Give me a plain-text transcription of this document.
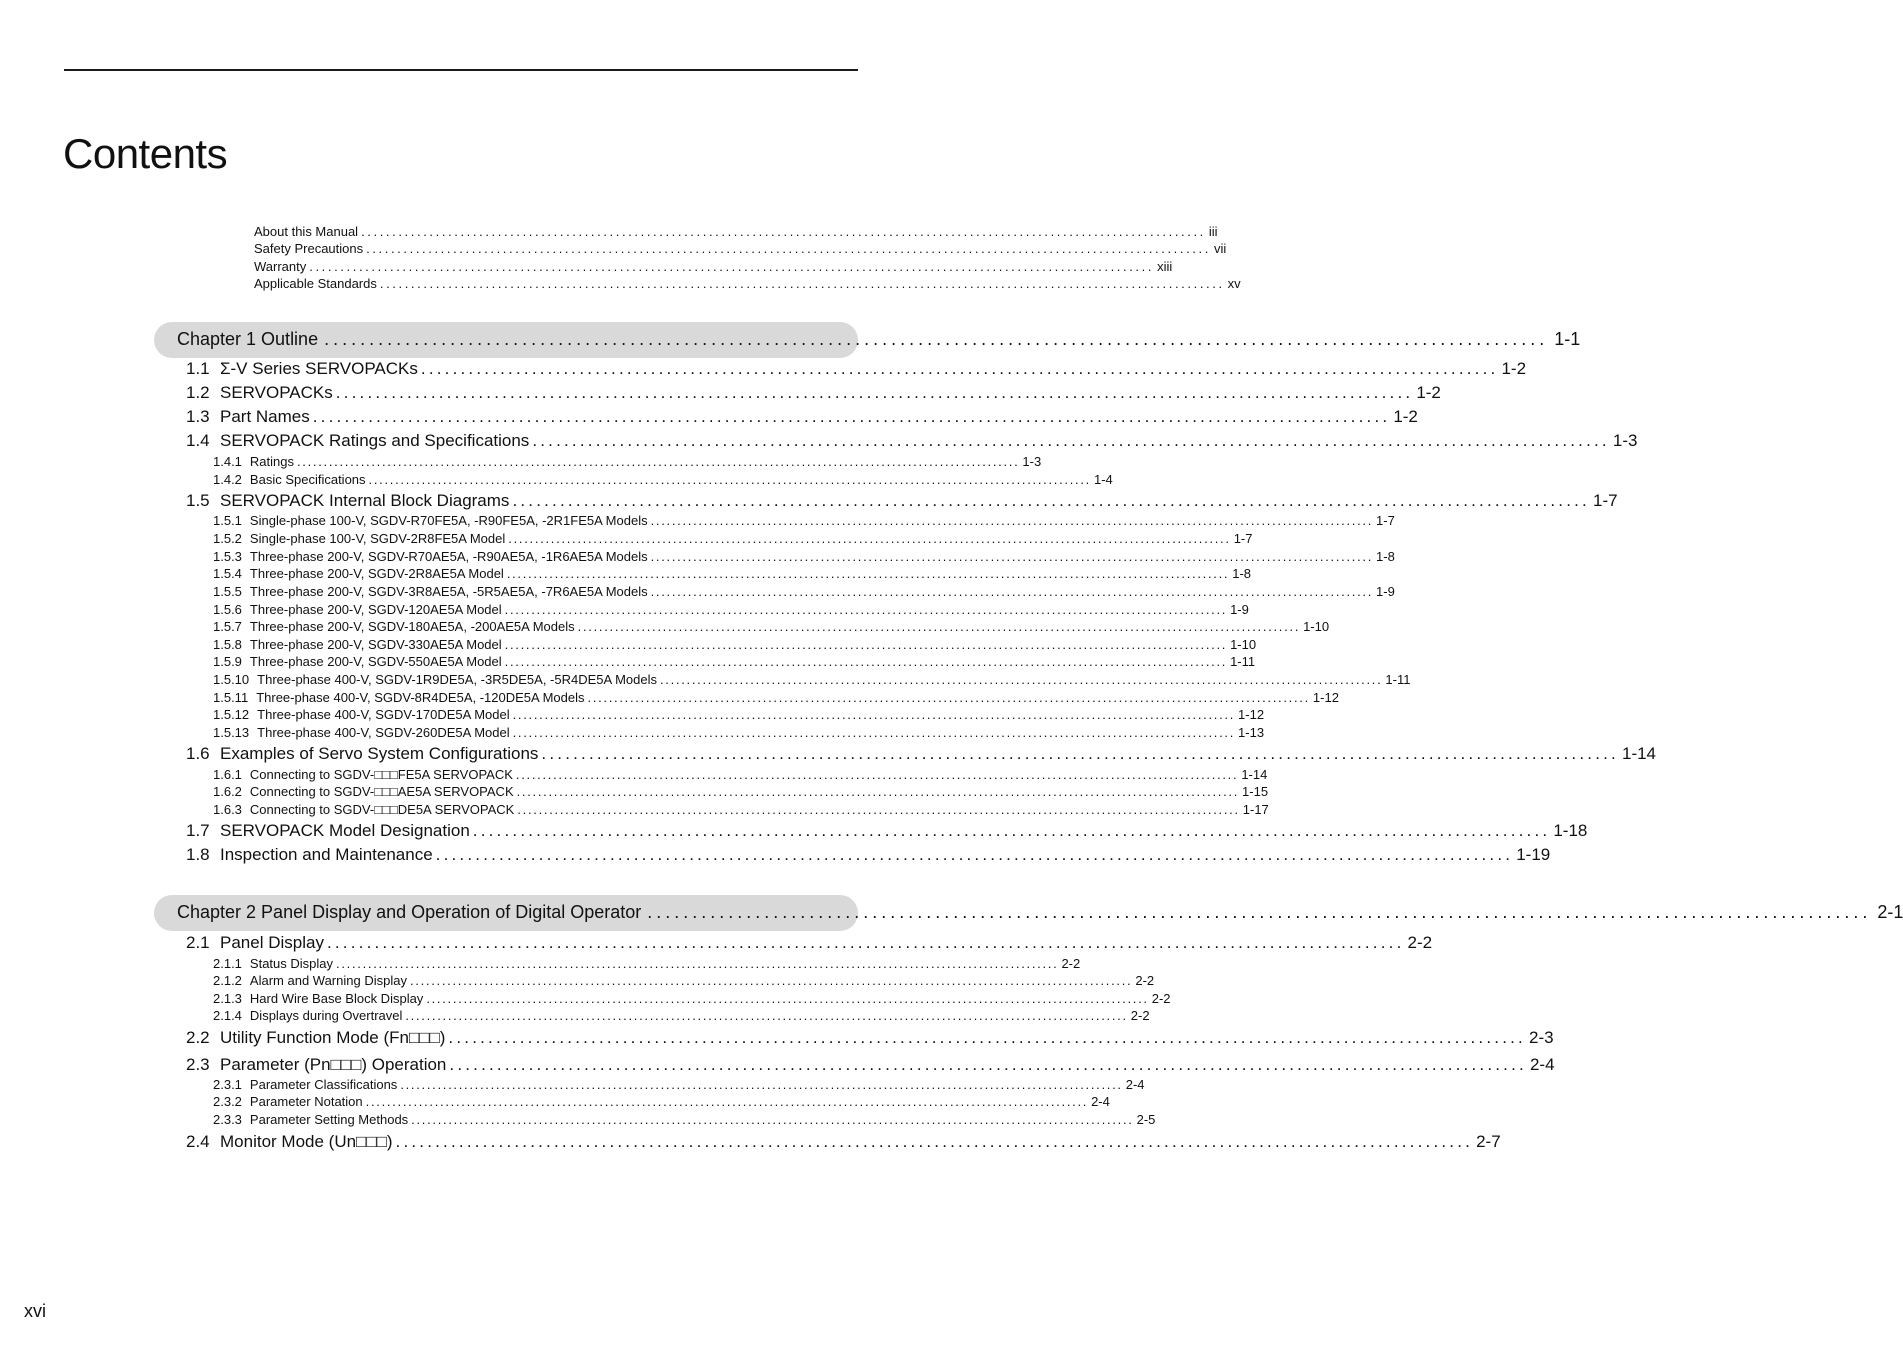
Contents
About this Manual ........................................................................................................................................ iii
Safety Precautions ........................................................................................................................................ vii
Warranty ........................................................................................................................................ xiii
Applicable Standards ........................................................................................................................................ xv
Chapter 1 Outline ........................................................................................................................................ 1-1
1.1 Σ-V Series SERVOPACKs ........................................................................................................................................ 1-2
1.2 SERVOPACKs ........................................................................................................................................ 1-2
1.3 Part Names ........................................................................................................................................ 1-2
1.4 SERVOPACK Ratings and Specifications ........................................................................................................................................ 1-3
1.4.1 Ratings ........................................................................................................................................ 1-3
1.4.2 Basic Specifications ........................................................................................................................................ 1-4
1.5 SERVOPACK Internal Block Diagrams ........................................................................................................................................ 1-7
1.5.1 Single-phase 100-V, SGDV-R70FE5A, -R90FE5A, -2R1FE5A Models ........................................................................................................................................ 1-7
1.5.2 Single-phase 100-V, SGDV-2R8FE5A Model ........................................................................................................................................ 1-7
1.5.3 Three-phase 200-V, SGDV-R70AE5A, -R90AE5A, -1R6AE5A Models ........................................................................................................................................ 1-8
1.5.4 Three-phase 200-V, SGDV-2R8AE5A Model ........................................................................................................................................ 1-8
1.5.5 Three-phase 200-V, SGDV-3R8AE5A, -5R5AE5A, -7R6AE5A Models ........................................................................................................................................ 1-9
1.5.6 Three-phase 200-V, SGDV-120AE5A Model ........................................................................................................................................ 1-9
1.5.7 Three-phase 200-V, SGDV-180AE5A, -200AE5A Models ........................................................................................................................................ 1-10
1.5.8 Three-phase 200-V, SGDV-330AE5A Model ........................................................................................................................................ 1-10
1.5.9 Three-phase 200-V, SGDV-550AE5A Model ........................................................................................................................................ 1-11
1.5.10 Three-phase 400-V, SGDV-1R9DE5A, -3R5DE5A, -5R4DE5A Models ........................................................................................................................................ 1-11
1.5.11 Three-phase 400-V, SGDV-8R4DE5A, -120DE5A Models ........................................................................................................................................ 1-12
1.5.12 Three-phase 400-V, SGDV-170DE5A Model ........................................................................................................................................ 1-12
1.5.13 Three-phase 400-V, SGDV-260DE5A Model ........................................................................................................................................ 1-13
1.6 Examples of Servo System Configurations ........................................................................................................................................ 1-14
1.6.1 Connecting to SGDV-□□□FE5A SERVOPACK ........................................................................................................................................ 1-14
1.6.2 Connecting to SGDV-□□□AE5A SERVOPACK ........................................................................................................................................ 1-15
1.6.3 Connecting to SGDV-□□□DE5A SERVOPACK ........................................................................................................................................ 1-17
1.7 SERVOPACK Model Designation ........................................................................................................................................ 1-18
1.8 Inspection and Maintenance ........................................................................................................................................ 1-19
Chapter 2 Panel Display and Operation of Digital Operator ........................................................................................................................................ 2-1
2.1 Panel Display ........................................................................................................................................ 2-2
2.1.1 Status Display ........................................................................................................................................ 2-2
2.1.2 Alarm and Warning Display ........................................................................................................................................ 2-2
2.1.3 Hard Wire Base Block Display ........................................................................................................................................ 2-2
2.1.4 Displays during Overtravel ........................................................................................................................................ 2-2
2.2 Utility Function Mode (Fn□□□) ........................................................................................................................................ 2-3
2.3 Parameter (Pn□□□) Operation ........................................................................................................................................ 2-4
2.3.1 Parameter Classifications ........................................................................................................................................ 2-4
2.3.2 Parameter Notation ........................................................................................................................................ 2-4
2.3.3 Parameter Setting Methods ........................................................................................................................................ 2-5
2.4 Monitor Mode (Un□□□) ........................................................................................................................................ 2-7
xvi
